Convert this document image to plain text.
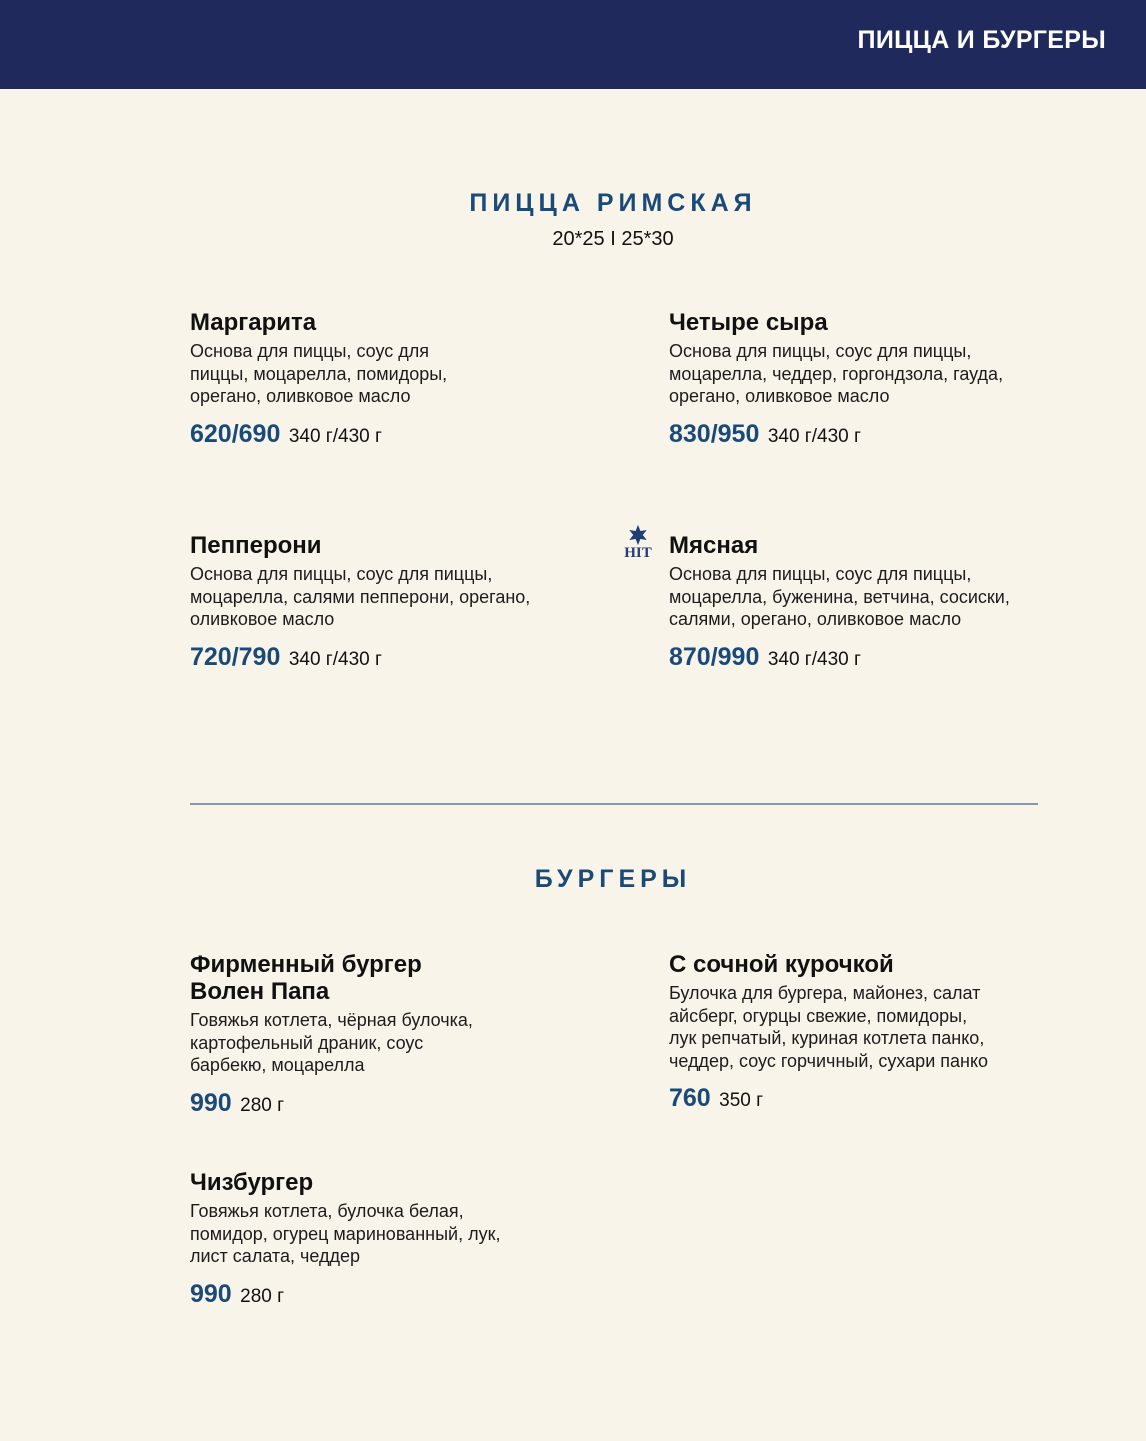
ПИЦЦА И БУРГЕРЫ
ПИЦЦА РИМСКАЯ
20*25 I 25*30
Маргарита
Основа для пиццы, соус для пиццы, моцарелла, помидоры, орегано, оливковое масло
620/690 340 г/430 г
Четыре сыра
Основа для пиццы, соус для пиццы, моцарелла, чеддер, горгондзола, гауда, орегано, оливковое масло
830/950 340 г/430 г
Пепперони
Основа для пиццы, соус для пиццы, моцарелла, салями пепперони, орегано, оливковое масло
720/790 340 г/430 г
HIT Мясная
Основа для пиццы, соус для пиццы, моцарелла, буженина, ветчина, сосиски, салями, орегано, оливковое масло
870/990 340 г/430 г
БУРГЕРЫ
Фирменный бургер Волен Папа
Говяжья котлета, чёрная булочка, картофельный драник, соус барбекю, моцарелла
990 280 г
С сочной курочкой
Булочка для бургера, майонез, салат айсберг, огурцы свежие, помидоры, лук репчатый, куриная котлета панко, чеддер, соус горчичный, сухари панко
760 350 г
Чизбургер
Говяжья котлета, булочка белая, помидор, огурец маринованный, лук, лист салата, чеддер
990 280 г
